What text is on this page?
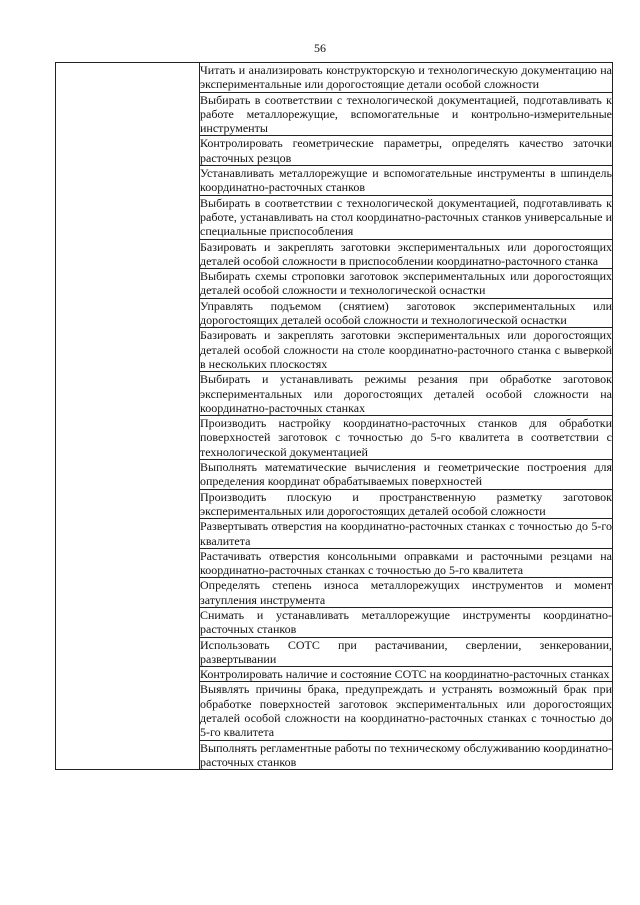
56

Читать и анализировать конструкторскую и технологическую документацию на экспериментальные или дорогостоящие детали особой сложности

Выбирать в соответствии с технологической документацией, подготавливать к работе металлорежущие, вспомогательные и контрольно-измерительные инструменты

Контролировать геометрические параметры, определять качество заточки расточных резцов

Устанавливать металлорежущие и вспомогательные инструменты в шпиндель координатно-расточных станков

Выбирать в соответствии с технологической документацией, подготавливать к работе, устанавливать на стол координатно-расточных станков универсальные и специальные приспособления

Базировать и закреплять заготовки экспериментальных или дорогостоящих деталей особой сложности в приспособлении координатно-расточного станка

Выбирать схемы строповки заготовок экспериментальных или дорогостоящих деталей особой сложности и технологической оснастки

Управлять подъемом (снятием) заготовок экспериментальных или дорогостоящих деталей особой сложности и технологической оснастки

Базировать и закреплять заготовки экспериментальных или дорогостоящих деталей особой сложности на столе координатно-расточного станка с выверкой в нескольких плоскостях

Выбирать и устанавливать режимы резания при обработке заготовок экспериментальных или дорогостоящих деталей особой сложности на координатно-расточных станках

Производить настройку координатно-расточных станков для обработки поверхностей заготовок с точностью до 5-го квалитета в соответствии с технологической документацией

Выполнять математические вычисления и геометрические построения для определения координат обрабатываемых поверхностей

Производить плоскую и пространственную разметку заготовок экспериментальных или дорогостоящих деталей особой сложности

Развертывать отверстия на координатно-расточных станках с точностью до 5-го квалитета

Растачивать отверстия консольными оправками и расточными резцами на координатно-расточных станках с точностью до 5-го квалитета

Определять степень износа металлорежущих инструментов и момент затупления инструмента

Снимать и устанавливать металлорежущие инструменты координатно-расточных станков

Использовать СОТС при растачивании, сверлении, зенкеровании, развертывании

Контролировать наличие и состояние СОТС на координатно-расточных станках

Выявлять причины брака, предупреждать и устранять возможный брак при обработке поверхностей заготовок экспериментальных или дорогостоящих деталей особой сложности на координатно-расточных станках с точностью до 5-го квалитета

Выполнять регламентные работы по техническому обслуживанию координатно-расточных станков
